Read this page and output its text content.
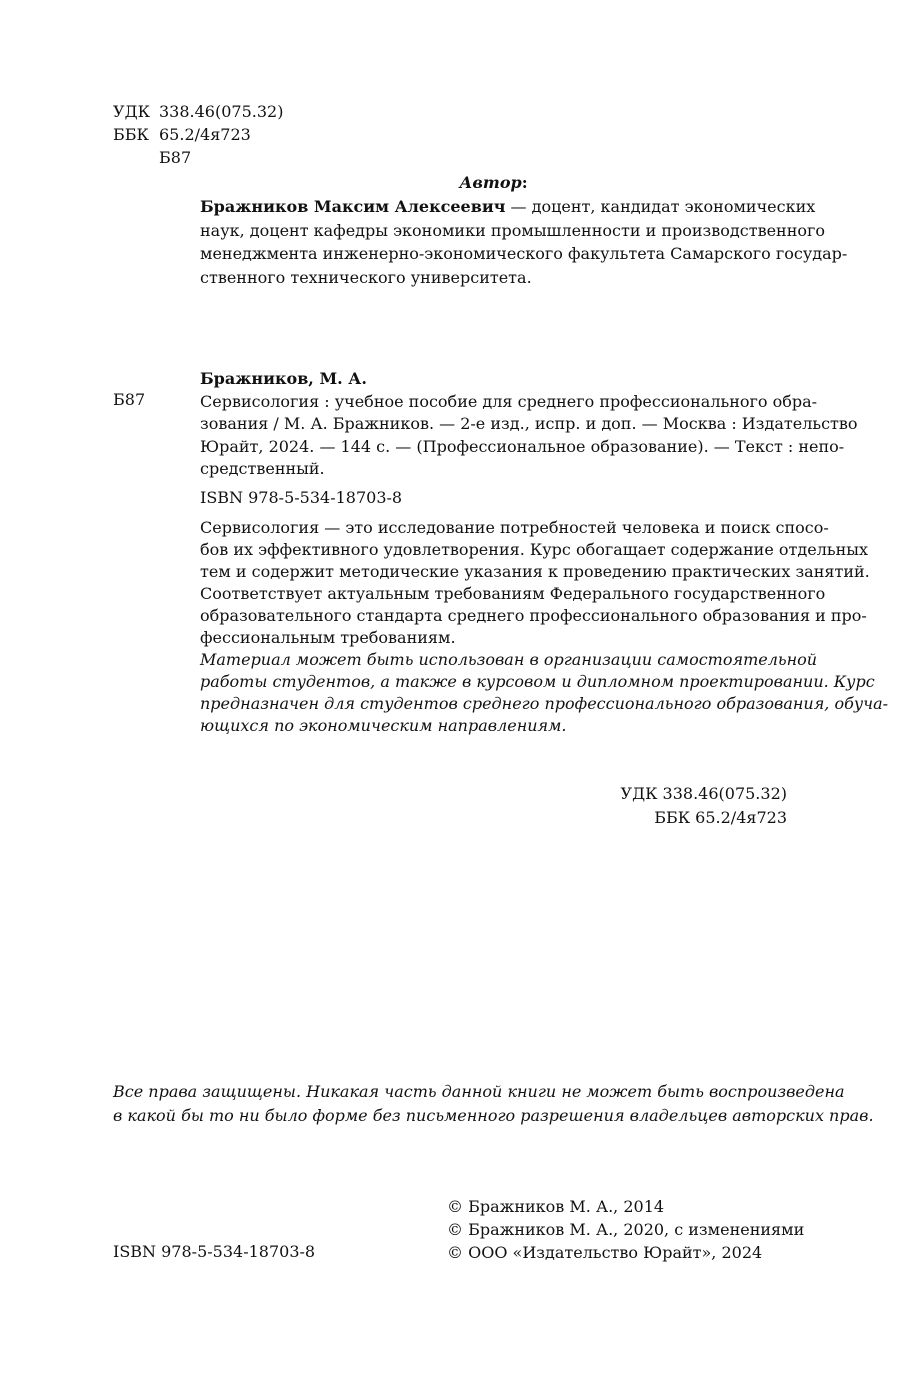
УДК 338.46(075.32)
ББК 65.2/4я723
Б87
Автор:
Бражников Максим Алексеевич — доцент, кандидат экономических
наук, доцент кафедры экономики промышленности и производственного
менеджмента инженерно-экономического факультета Самарского государ-
ственного технического университета.
Б87
Бражников, М. А.
Сервисология : учебное пособие для среднего профессионального обра-
зования / М. А. Бражников. — 2-е изд., испр. и доп. — Москва : Издательство
Юрайт, 2024. — 144 с. — (Профессиональное образование). — Текст : непо-
средственный.
ISBN 978-5-534-18703-8
Сервисология — это исследование потребностей человека и поиск спосо-
бов их эффективного удовлетворения. Курс обогащает содержание отдельных
тем и содержит методические указания к проведению практических занятий.
Соответствует актуальным требованиям Федерального государственного
образовательного стандарта среднего профессионального образования и про-
фессиональным требованиям.
Материал может быть использован в организации самостоятельной
работы студентов, а также в курсовом и дипломном проектировании. Курс
предназначен для студентов среднего профессионального образования, обуча-
ющихся по экономическим направлениям.
УДК 338.46(075.32)
ББК 65.2/4я723
Все права защищены. Никакая часть данной книги не может быть воспроизведена
в какой бы то ни было форме без письменного разрешения владельцев авторских прав.
© Бражников М. А., 2014
© Бражников М. А., 2020, с изменениями
© ООО «Издательство Юрайт», 2024
ISBN 978-5-534-18703-8
